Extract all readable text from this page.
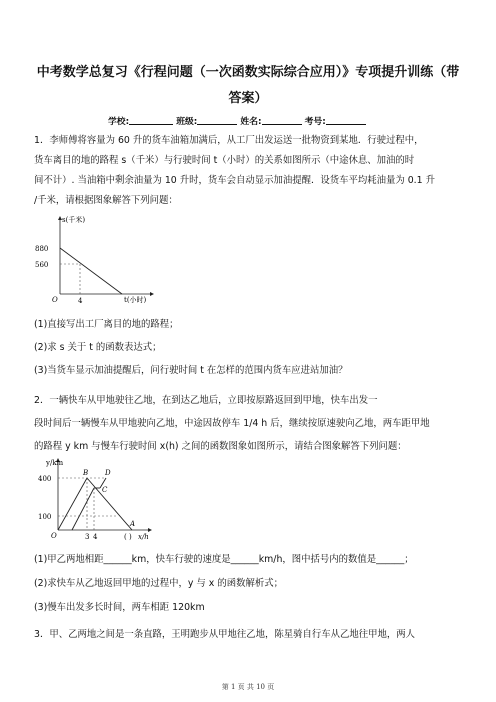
中考数学总复习《行程问题（一次函数实际综合应用）》专项提升训练（带
答案）
学校:	班级:	姓名:	考号:
1．李师傅将容量为 60 升的货车油箱加满后，从工厂出发运送一批物资到某地．行驶过程中，
货车离目的地的路程 s（千米）与行驶时间 t（小时）的关系如图所示（中途休息、加油的时
间不计）. 当油箱中剩余油量为 10 升时，货车会自动显示加油提醒．设货车平均耗油量为 0.1 升
/千米，请根据图象解答下列问题：
s(千米)
880
560
O	4	t(小时)
(1)直接写出工厂离目的地的路程；
(2)求 s 关于 t 的函数表达式；
(3)当货车显示加油提醒后，问行驶时间 t 在怎样的范围内货车应进站加油？
2．一辆快车从甲地驶往乙地，在到达乙地后，立即按原路返回到甲地，快车出发一
段时间后一辆慢车从甲地驶向乙地，中途因故停车 1/4 h 后，继续按原速驶向乙地，两车距甲地
的路程 y km 与慢车行驶时间 x(h) 之间的函数图象如图所示，请结合图象解答下列问题：
y/km
400
100
O	3 4	( ) x/h
B D
C
A
(1)甲乙两地相距______km，快车行驶的速度是______km/h，图中括号内的数值是______；
(2)求快车从乙地返回甲地的过程中，y 与 x 的函数解析式；
(3)慢车出发多长时间，两车相距 120km
3．甲、乙两地之间是一条直路，王明跑步从甲地往乙地，陈星骑自行车从乙地往甲地，两人
第 1 页 共 10 页
